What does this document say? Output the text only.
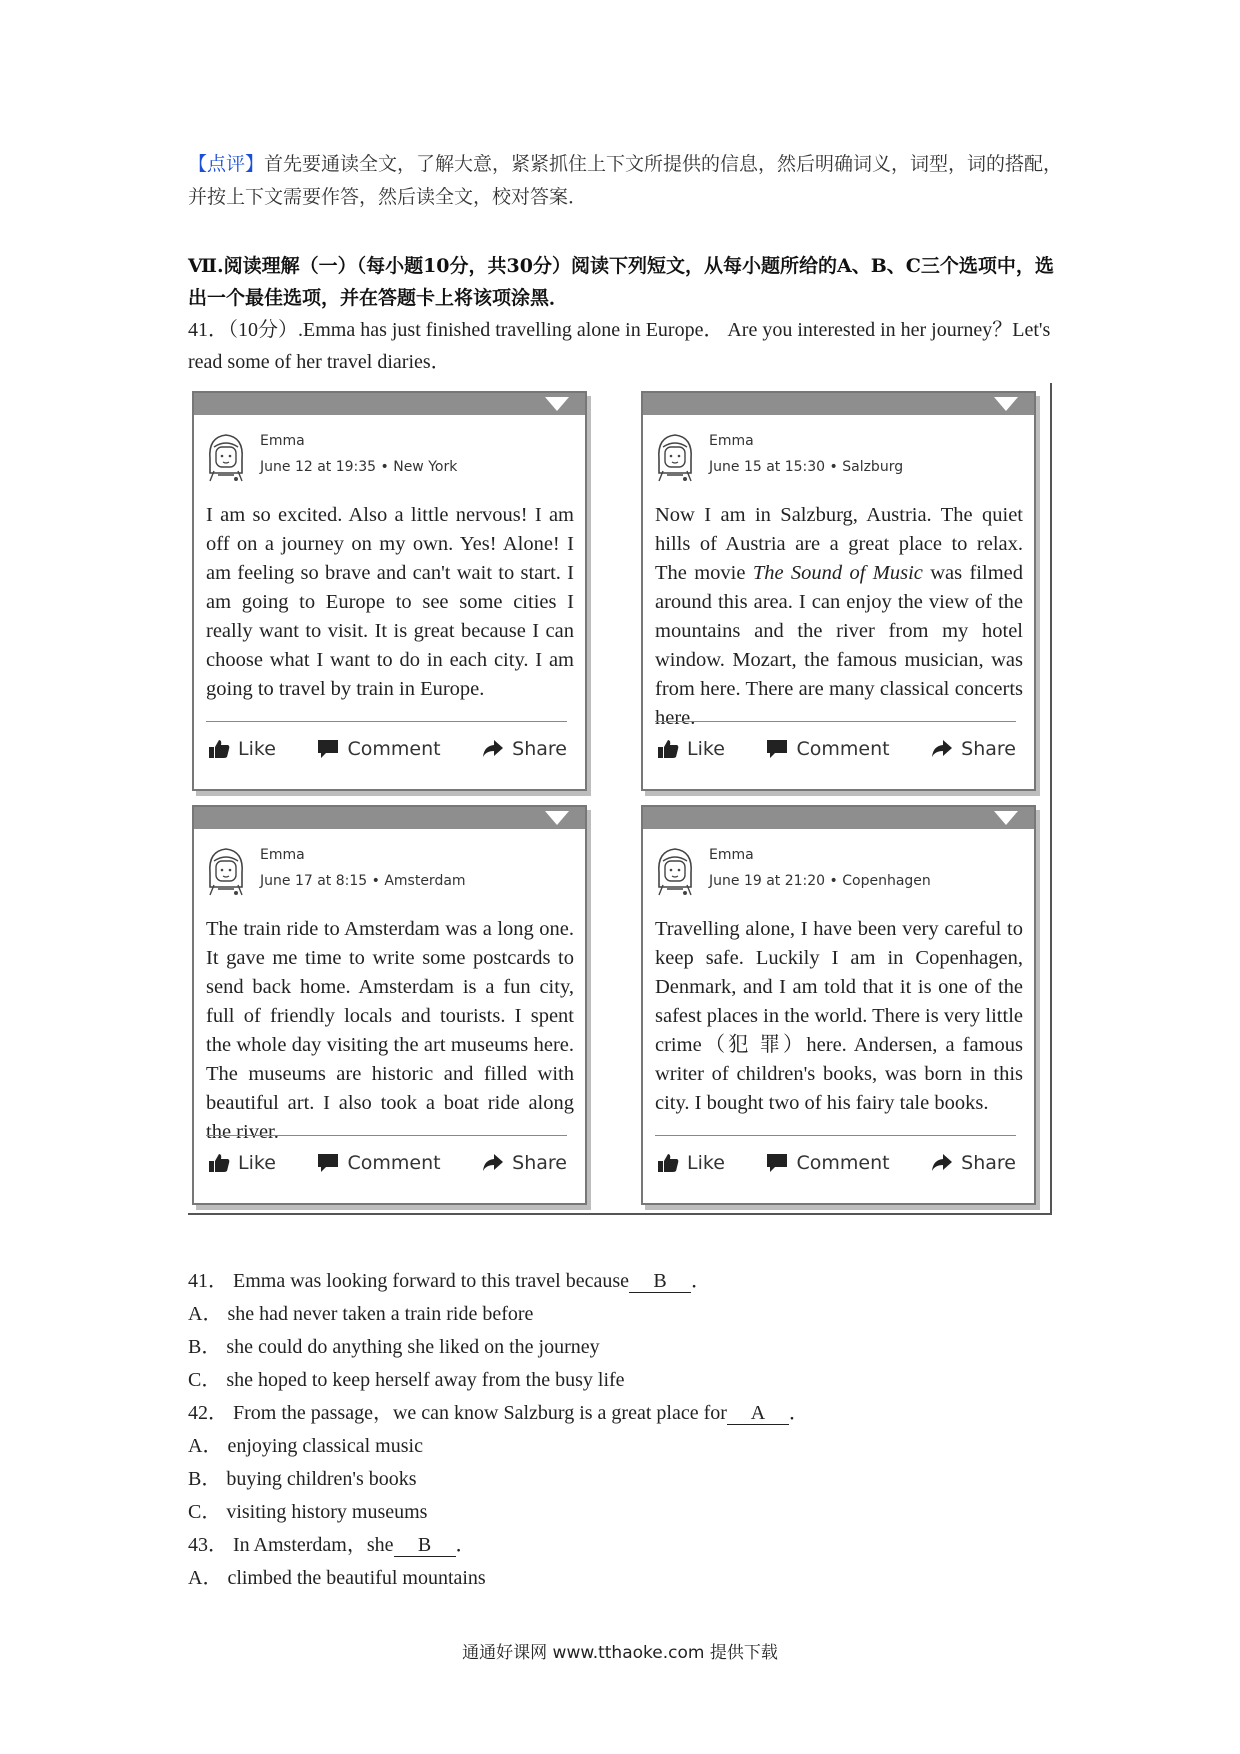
【点评】首先要通读全文，了解大意，紧紧抓住上下文所提供的信息，然后明确词义，词型，词的搭配，并按上下文需要作答，然后读全文，校对答案．
Ⅶ.阅读理解（一）（每小题10分，共30分）阅读下列短文，从每小题所给的A、B、C三个选项中，选出一个最佳选项，并在答题卡上将该项涂黑．
41．（10分）.Emma has just finished travelling alone in Europe． Are you interested in her journey？Let's read some of her travel diaries．
Emma
June 12 at 19:35 • New York
I am so excited. Also a little nervous! I am off on a journey on my own. Yes! Alone! I am feeling so brave and can't wait to start. I am going to Europe to see some cities I really want to visit. It is great because I can choose what I want to do in each city. I am going to travel by train in Europe.
Like	Comment	Share
Emma
June 15 at 15:30 • Salzburg
Now I am in Salzburg, Austria. The quiet hills of Austria are a great place to relax. The movie The Sound of Music was filmed around this area. I can enjoy the view of the mountains and the river from my hotel window. Mozart, the famous musician, was from here. There are many classical concerts here.
Like	Comment	Share
Emma
June 17 at 8:15 • Amsterdam
The train ride to Amsterdam was a long one. It gave me time to write some postcards to send back home. Amsterdam is a fun city, full of friendly locals and tourists. I spent the whole day visiting the art museums here. The museums are historic and filled with beautiful art. I also took a boat ride along the river.
Like	Comment	Share
Emma
June 19 at 21:20 • Copenhagen
Travelling alone, I have been very careful to keep safe. Luckily I am in Copenhagen, Denmark, and I am told that it is one of the safest places in the world. There is very little crime（犯 罪）here. Andersen, a famous writer of children's books, was born in this city. I bought two of his fairy tale books.
Like	Comment	Share
41． Emma was looking forward to this travel because B ．
A． she had never taken a train ride before
B． she could do anything she liked on the journey
C． she hoped to keep herself away from the busy life
42． From the passage，we can know Salzburg is a great place for A ．
A． enjoying classical music
B． buying children's books
C． visiting history museums
43． In Amsterdam，she B ．
A． climbed the beautiful mountains
通通好课网 www.tthaoke.com 提供下载
